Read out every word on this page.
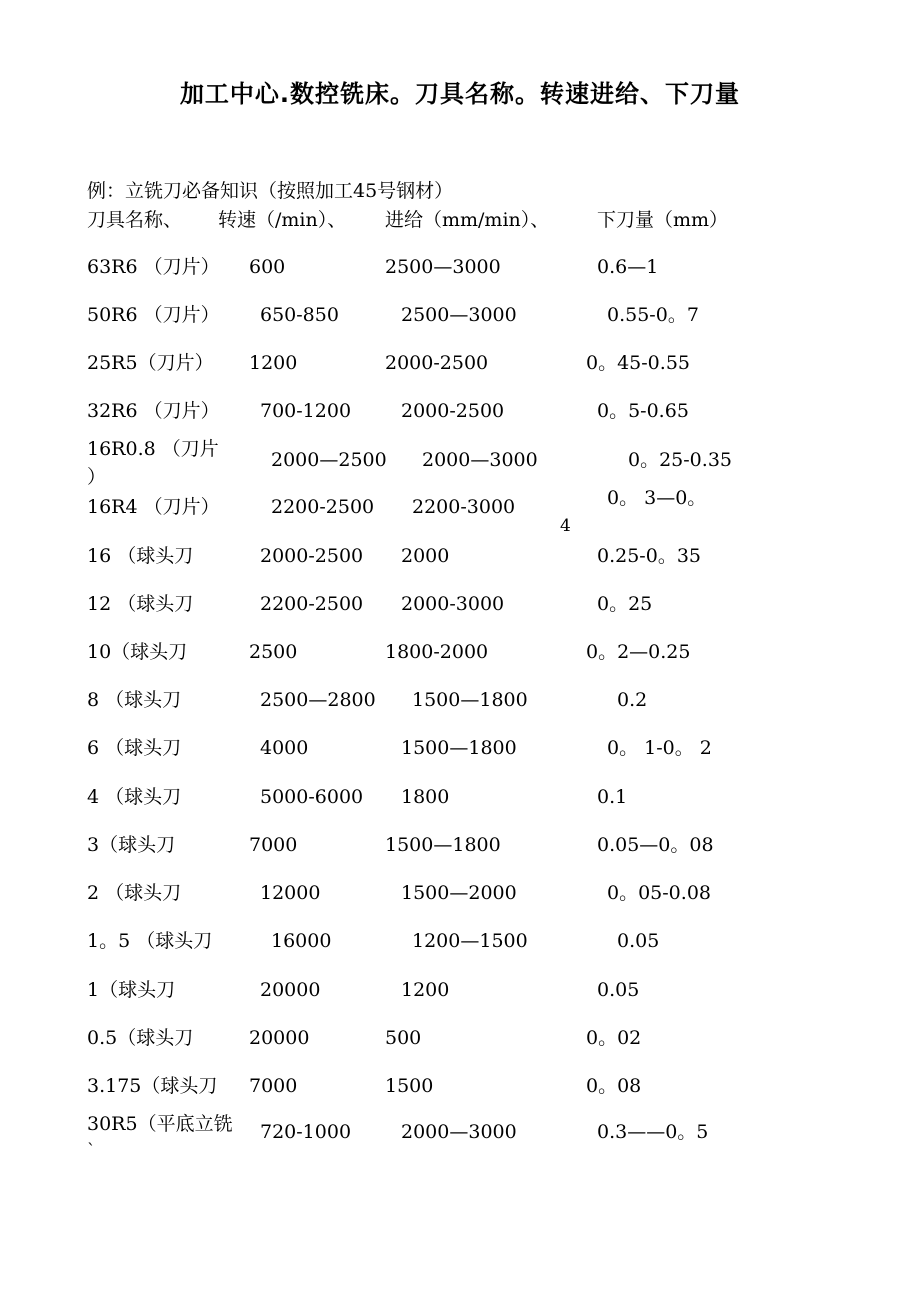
加工中心.数控铣床。刀具名称。转速进给、下刀量
例：立铣刀必备知识（按照加工45号钢材）
刀具名称、 转速（/min）、 进给（mm/min）、	下刀量（mm）
63R6 （刀片） 600	2500—3000	0.6—1
50R6 （刀片） 650-850	2500—3000	0.55-0。7
25R5（刀片） 1200	2000-2500	0。45-0.55
32R6 （刀片） 700-1200	2000-2500	0。5-0.65
16R0.8 （刀片
）
2000—2500 2000—3000	0。25-0.35
16R4 （刀片）	2200-2500 2200-3000	0。 3—0。
4
16 （球头刀	2000-2500 2000	0.25-0。35
12 （球头刀	2200-2500 2000-3000	0。25
10（球头刀	2500	1800-2000	0。2—0.25
8 （球头刀	2500—2800 1500—1800	0.2
6 （球头刀	4000	1500—1800	0。 1-0。 2
4 （球头刀	5000-6000 1800	0.1
3（球头刀	7000	1500—1800	0.05—0。08
2 （球头刀	12000	1500—2000	0。05-0.08
1。5 （球头刀	16000	1200—1500	0.05
1（球头刀	20000	1200	0.05
0.5（球头刀	20000	500	0。02
3.175（球头刀 7000	1500	0。08
30R5（平底立铣
`
720-1000	2000—3000	0.3——0。5
